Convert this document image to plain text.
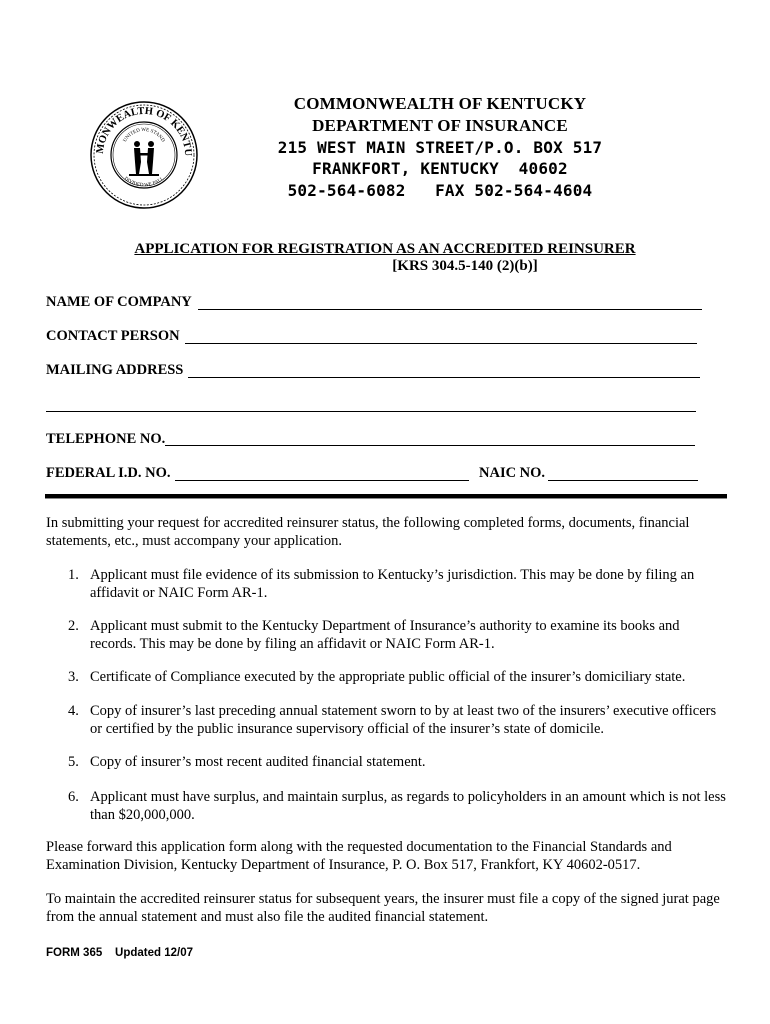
MONWEALTH OF KENTU
UNITED WE STAND
DIVIDED WE FALL
COMMONWEALTH OF KENTUCKY
DEPARTMENT OF INSURANCE
215 WEST MAIN STREET/P.O. BOX 517
FRANKFORT, KENTUCKY  40602
502-564-6082   FAX 502-564-4604
APPLICATION FOR REGISTRATION AS AN ACCREDITED REINSURER
[KRS 304.5-140 (2)(b)]
NAME OF COMPANY
CONTACT PERSON
MAILING ADDRESS
TELEPHONE NO.
FEDERAL I.D. NO.	NAIC NO.
In submitting your request for accredited reinsurer status, the following completed forms, documents, financial statements, etc., must accompany your application.
1. Applicant must file evidence of its submission to Kentucky’s jurisdiction. This may be done by filing an affidavit or NAIC Form AR-1.
2. Applicant must submit to the Kentucky Department of Insurance’s authority to examine its books and records. This may be done by filing an affidavit or NAIC Form AR-1.
3. Certificate of Compliance executed by the appropriate public official of the insurer’s domiciliary state.
4. Copy of insurer’s last preceding annual statement sworn to by at least two of the insurers’ executive officers or certified by the public insurance supervisory official of the insurer’s state of domicile.
5. Copy of insurer’s most recent audited financial statement.
6. Applicant must have surplus, and maintain surplus, as regards to policyholders in an amount which is not less than $20,000,000.
Please forward this application form along with the requested documentation to the Financial Standards and Examination Division, Kentucky Department of Insurance, P. O. Box 517, Frankfort, KY 40602-0517.
To maintain the accredited reinsurer status for subsequent years, the insurer must file a copy of the signed jurat page from the annual statement and must also file the audited financial statement.
FORM 365    Updated 12/07
